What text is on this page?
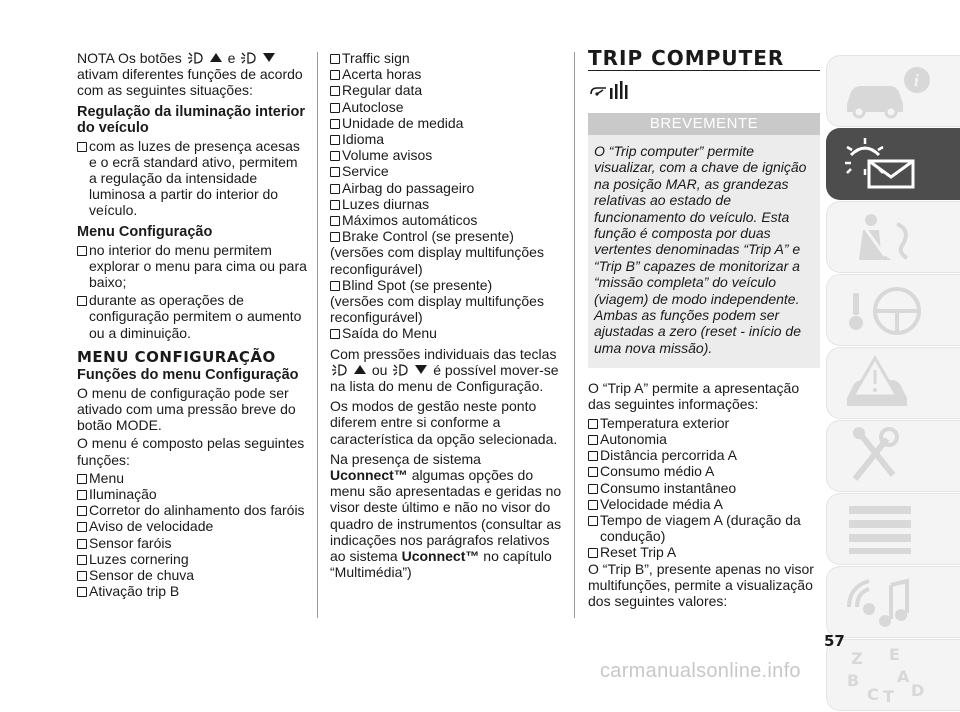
NOTA Os botões	e  ativam diferentes funções de acordo com as seguintes situações:

Regulação da iluminação interior do veículo

com as luzes de presença acesas e o ecrã standard ativo, permitem a regulação da intensidade luminosa a partir do interior do veículo.

Menu Configuração

no interior do menu permitem explorar o menu para cima ou para baixo;

durante as operações de configuração permitem o aumento ou a diminuição.

MENU CONFIGURAÇÃO
Funções do menu Configuração

O menu de configuração pode ser ativado com uma pressão breve do botão MODE.

O menu é composto pelas seguintes funções:

Menu
Iluminação
Corretor do alinhamento dos faróis
Aviso de velocidade
Sensor faróis
Luzes cornering
Sensor de chuva
Ativação trip B
Traffic sign
Acerta horas
Regular data
Autoclose
Unidade de medida
Idioma
Volume avisos
Service
Airbag do passageiro
Luzes diurnas
Máximos automáticos
Brake Control (se presente)
(versões com display multifunções reconfigurável)
Blind Spot (se presente)
(versões com display multifunções reconfigurável)
Saída do Menu

Com pressões individuais das teclas  ou	é possível mover-se na lista do menu de Configuração.

Os modos de gestão neste ponto diferem entre si conforme a característica da opção selecionada.

Na presença de sistema Uconnect™ algumas opções do menu são apresentadas e geridas no visor deste último e não no visor do quadro de instrumentos (consultar as indicações nos parágrafos relativos ao sistema Uconnect™ no capítulo “Multimédia”)

TRIP COMPUTER
BREVEMENTE
O “Trip computer” permite visualizar, com a chave de ignição na posição MAR, as grandezas relativas ao estado de funcionamento do veículo. Esta função é composta por duas vertentes denominadas “Trip A” e “Trip B” capazes de monitorizar a “missão completa” do veículo (viagem) de modo independente. Ambas as funções podem ser ajustadas a zero (reset - início de uma nova missão).

O “Trip A” permite a apresentação das seguintes informações:

Temperatura exterior
Autonomia
Distância percorrida A
Consumo médio A
Consumo instantâneo
Velocidade média A
Tempo de viagem A (duração da condução)
Reset Trip A

O “Trip B”, presente apenas no visor multifunções, permite a visualização dos seguintes valores:

i
Z E
B A
C T D
57
carmanualsonline.info
